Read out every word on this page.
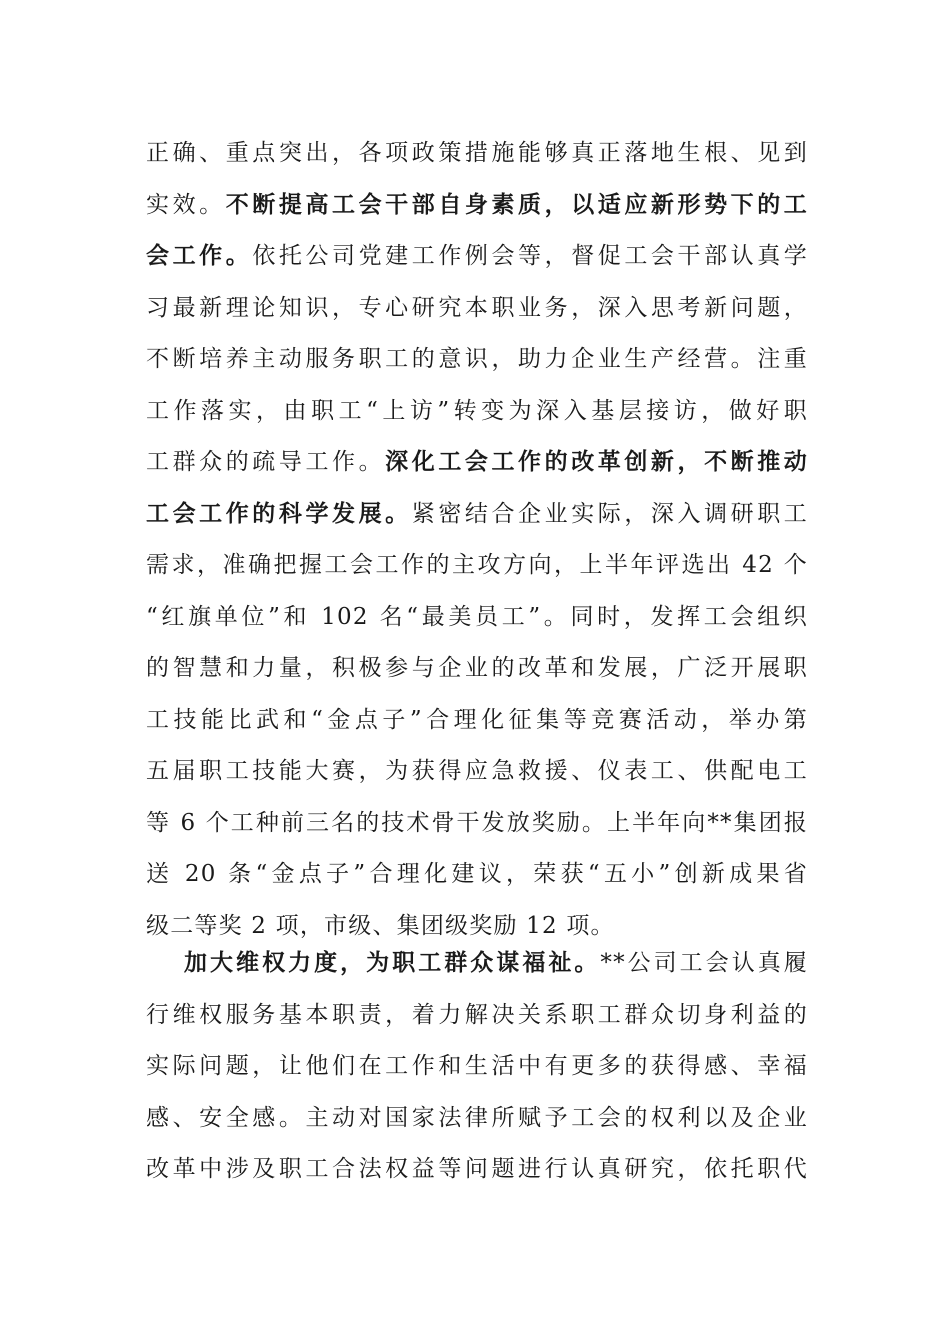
正确、重点突出，各项政策措施能够真正落地生根、见到
实效。不断提高工会干部自身素质，以适应新形势下的工
会工作。依托公司党建工作例会等，督促工会干部认真学
习最新理论知识，专心研究本职业务，深入思考新问题，
不断培养主动服务职工的意识，助力企业生产经营。注重
工作落实，由职工“上访”转变为深入基层接访，做好职
工群众的疏导工作。深化工会工作的改革创新，不断推动
工会工作的科学发展。紧密结合企业实际，深入调研职工
需求，准确把握工会工作的主攻方向，上半年评选出 42 个
“红旗单位”和 102 名“最美员工”。同时，发挥工会组织
的智慧和力量，积极参与企业的改革和发展，广泛开展职
工技能比武和“金点子”合理化征集等竞赛活动，举办第
五届职工技能大赛，为获得应急救援、仪表工、供配电工
等 6 个工种前三名的技术骨干发放奖励。上半年向**集团报
送 20 条“金点子”合理化建议，荣获“五小”创新成果省
级二等奖 2 项，市级、集团级奖励 12 项。
加大维权力度，为职工群众谋福祉。**公司工会认真履
行维权服务基本职责，着力解决关系职工群众切身利益的
实际问题，让他们在工作和生活中有更多的获得感、幸福
感、安全感。主动对国家法律所赋予工会的权利以及企业
改革中涉及职工合法权益等问题进行认真研究，依托职代
